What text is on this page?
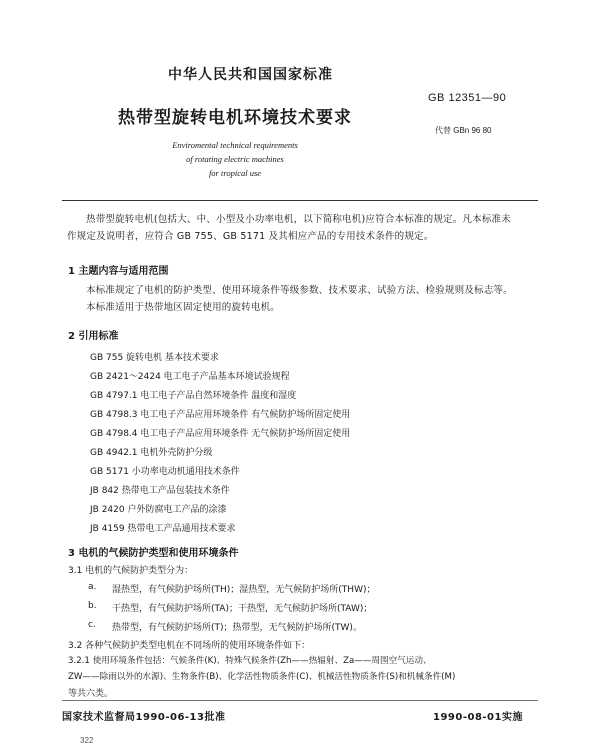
中华人民共和国国家标准
GB 12351—90
热带型旋转电机环境技术要求
代替 GBn 96 80
Enviromental technical requirements
of rotating electric machines
for tropical use
热带型旋转电机(包括大、中、小型及小功率电机，以下简称电机)应符合本标准的规定。凡本标准未
作规定及说明者，应符合 GB 755、GB 5171 及其相应产品的专用技术条件的规定。
1 主题内容与适用范围
本标准规定了电机的防护类型、使用环境条件等级参数、技术要求、试验方法、检验规则及标志等。
本标准适用于热带地区固定使用的旋转电机。
2 引用标准
GB 755 旋转电机 基本技术要求
GB 2421～2424 电工电子产品基本环境试验规程
GB 4797.1 电工电子产品自然环境条件 温度和湿度
GB 4798.3 电工电子产品应用环境条件 有气候防护场所固定使用
GB 4798.4 电工电子产品应用环境条件 无气候防护场所固定使用
GB 4942.1 电机外壳防护分级
GB 5171 小功率电动机通用技术条件
JB 842 热带电工产品包装技术条件
JB 2420 户外防腐电工产品的涂漆
JB 4159 热带电工产品通用技术要求
3 电机的气候防护类型和使用环境条件
3.1 电机的气候防护类型分为：
a. 湿热型，有气候防护场所(TH)；湿热型，无气候防护场所(THW)；
b. 干热型，有气候防护场所(TA)；干热型，无气候防护场所(TAW)；
c. 热带型，有气候防护场所(T)；热带型，无气候防护场所(TW)。
3.2 各种气候防护类型电机在不同场所的使用环境条件如下：
3.2.1 使用环境条件包括：气候条件(K)、特殊气候条件(Zh——热辐射、Za——周围空气运动、
ZW——除雨以外的水源)、生物条件(B)、化学活性物质条件(C)、机械活性物质条件(S)和机械条件(M)
等共六类。
国家技术监督局1990-06-13批准	1990-08-01实施
322
